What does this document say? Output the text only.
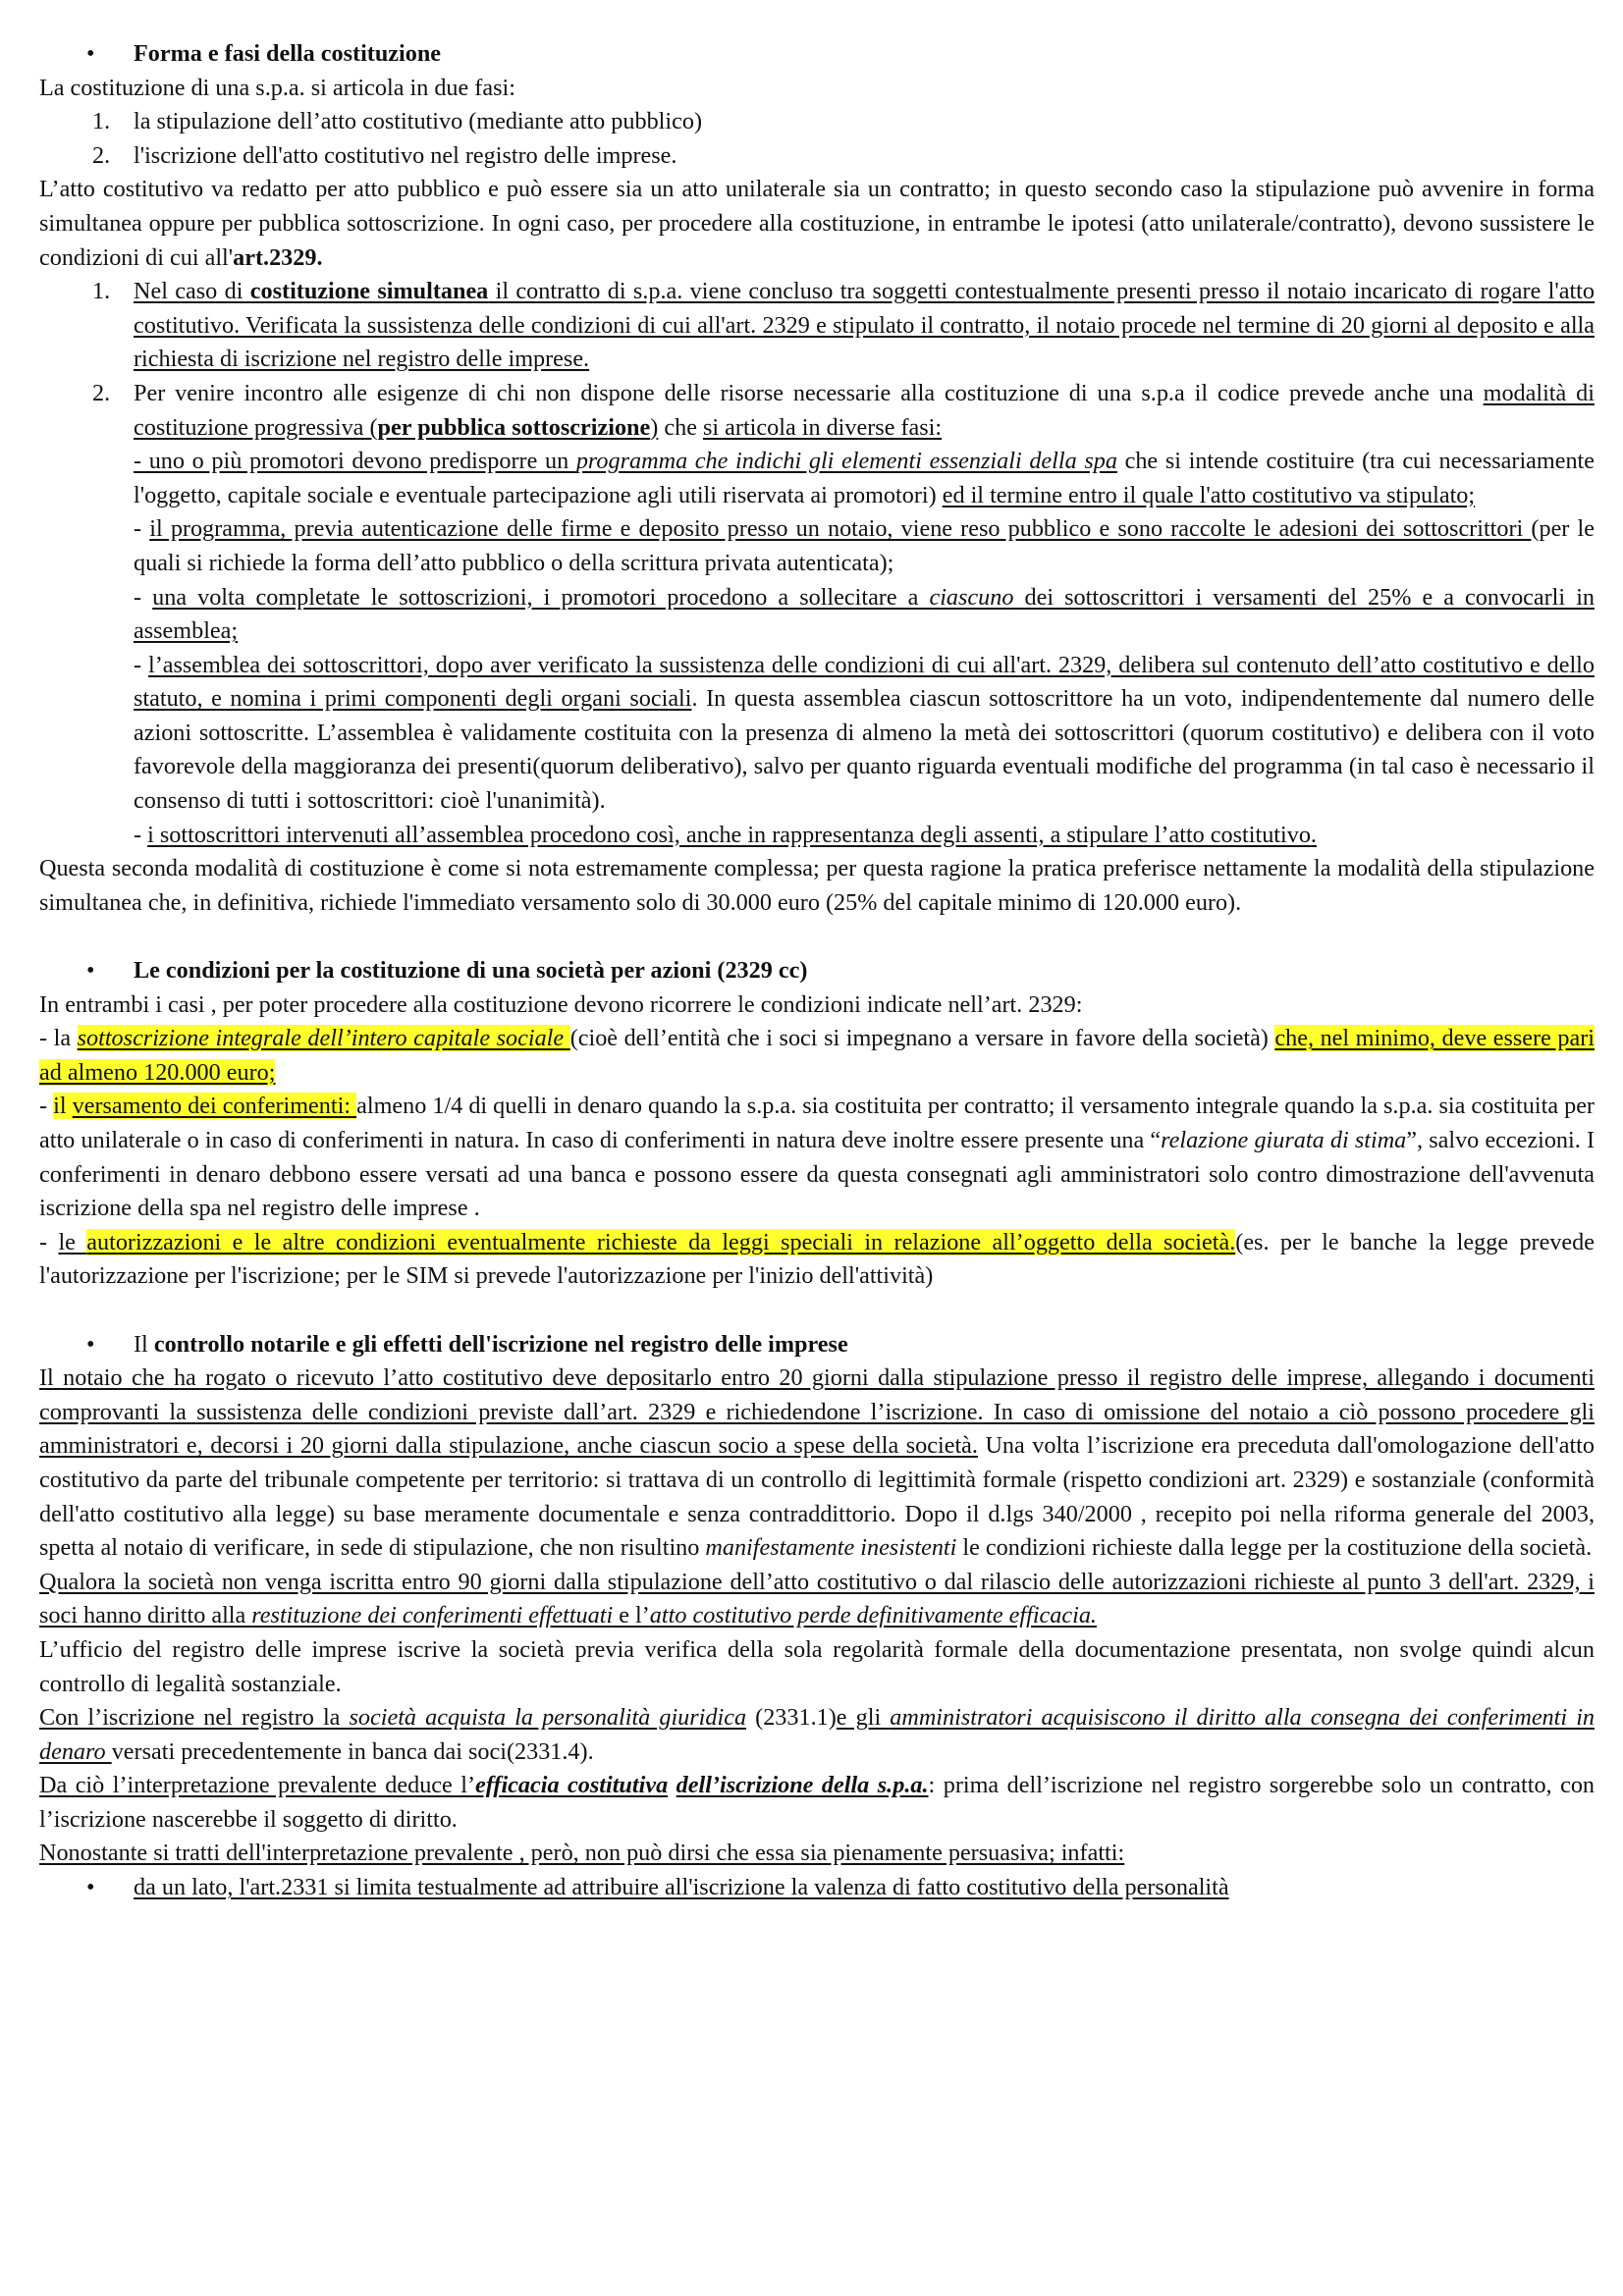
•	Forma e fasi della costituzione

La costituzione di una s.p.a. si articola in due fasi:

1. la stipulazione dell’atto costitutivo (mediante atto pubblico)
2. l'iscrizione dell'atto costitutivo nel registro delle imprese.

L’atto costitutivo va redatto per atto pubblico e può essere sia un atto unilaterale sia un contratto; in questo secondo caso la stipulazione può avvenire in forma simultanea oppure per pubblica sottoscrizione. In ogni caso, per procedere alla costituzione, in entrambe le ipotesi (atto unilaterale/contratto), devono sussistere le condizioni di cui all'art.2329.

1. Nel caso di costituzione simultanea il contratto di s.p.a. viene concluso tra soggetti contestualmente presenti presso il notaio incaricato di rogare l'atto costitutivo. Verificata la sussistenza delle condizioni di cui all'art. 2329 e stipulato il contratto, il notaio procede nel termine di 20 giorni al deposito e alla richiesta di iscrizione nel registro delle imprese.
2. Per venire incontro alle esigenze di chi non dispone delle risorse necessarie alla costituzione di una s.p.a il codice prevede anche una modalità di costituzione progressiva (per pubblica sottoscrizione) che si articola in diverse fasi:

- uno o più promotori devono predisporre un programma che indichi gli elementi essenziali della spa che si intende costituire (tra cui necessariamente l'oggetto, capitale sociale e eventuale partecipazione agli utili riservata ai promotori) ed il termine entro il quale l'atto costitutivo va stipulato;

- il programma, previa autenticazione delle firme e deposito presso un notaio, viene reso pubblico e sono raccolte le adesioni dei sottoscrittori (per le quali si richiede la forma dell’atto pubblico o della scrittura privata autenticata);

- una volta completate le sottoscrizioni, i promotori procedono a sollecitare a ciascuno dei sottoscrittori i versamenti del 25% e a convocarli in assemblea;

- l’assemblea dei sottoscrittori, dopo aver verificato la sussistenza delle condizioni di cui all'art. 2329, delibera sul contenuto dell’atto costitutivo e dello statuto, e nomina i primi componenti degli organi sociali. In questa assemblea ciascun sottoscrittore ha un voto, indipendentemente dal numero delle azioni sottoscritte. L’assemblea è validamente costituita con la presenza di almeno la metà dei sottoscrittori (quorum costitutivo) e delibera con il voto favorevole della maggioranza dei presenti(quorum deliberativo), salvo per quanto riguarda eventuali modifiche del programma (in tal caso è necessario il consenso di tutti i sottoscrittori: cioè l'unanimità).

- i sottoscrittori intervenuti all’assemblea procedono così, anche in rappresentanza degli assenti, a stipulare l’atto costitutivo.

Questa seconda modalità di costituzione è come si nota estremamente complessa; per questa ragione la pratica preferisce nettamente la modalità della stipulazione simultanea che, in definitiva, richiede l'immediato versamento solo di 30.000 euro (25% del capitale minimo di 120.000 euro).

•	Le condizioni per la costituzione di una società per azioni (2329 cc)

In entrambi i casi , per poter procedere alla costituzione devono ricorrere le condizioni indicate nell’art. 2329:

- la sottoscrizione integrale dell’intero capitale sociale (cioè dell’entità che i soci si impegnano a versare in favore della società) che, nel minimo, deve essere pari ad almeno 120.000 euro;

- il versamento dei conferimenti: almeno 1/4 di quelli in denaro quando la s.p.a. sia costituita per contratto; il versamento integrale quando la s.p.a. sia costituita per atto unilaterale o in caso di conferimenti in natura. In caso di conferimenti in natura deve inoltre essere presente una “relazione giurata di stima”, salvo eccezioni. I conferimenti in denaro debbono essere versati ad una banca e possono essere da questa consegnati agli amministratori solo contro dimostrazione dell'avvenuta iscrizione della spa nel registro delle imprese .

- le autorizzazioni e le altre condizioni eventualmente richieste da leggi speciali in relazione all’oggetto della società.(es. per le banche la legge prevede l'autorizzazione per l'iscrizione; per le SIM si prevede l'autorizzazione per l'inizio dell'attività)

•	Il controllo notarile e gli effetti dell'iscrizione nel registro delle imprese

Il notaio che ha rogato o ricevuto l’atto costitutivo deve depositarlo entro 20 giorni dalla stipulazione presso il registro delle imprese, allegando i documenti comprovanti la sussistenza delle condizioni previste dall’art. 2329 e richiedendone l’iscrizione. In caso di omissione del notaio a ciò possono procedere gli amministratori e, decorsi i 20 giorni dalla stipulazione, anche ciascun socio a spese della società. Una volta l’iscrizione era preceduta dall'omologazione dell'atto costitutivo da parte del tribunale competente per territorio: si trattava di un controllo di legittimità formale (rispetto condizioni art. 2329) e sostanziale (conformità dell'atto costitutivo alla legge) su base meramente documentale e senza contraddittorio. Dopo il d.lgs 340/2000 , recepito poi nella riforma generale del 2003, spetta al notaio di verificare, in sede di stipulazione, che non risultino manifestamente inesistenti le condizioni richieste dalla legge per la costituzione della società.

Qualora la società non venga iscritta entro 90 giorni dalla stipulazione dell’atto costitutivo o dal rilascio delle autorizzazioni richieste al punto 3 dell'art. 2329, i soci hanno diritto alla restituzione dei conferimenti effettuati e l’atto costitutivo perde definitivamente efficacia.

L’ufficio del registro delle imprese iscrive la società previa verifica della sola regolarità formale della documentazione presentata, non svolge quindi alcun controllo di legalità sostanziale.

Con l’iscrizione nel registro la società acquista la personalità giuridica (2331.1)e gli amministratori acquisiscono il diritto alla consegna dei conferimenti in denaro versati precedentemente in banca dai soci(2331.4).

Da ciò l’interpretazione prevalente deduce l’efficacia costitutiva dell’iscrizione della s.p.a.: prima dell’iscrizione nel registro sorgerebbe solo un contratto, con l’iscrizione nascerebbe il soggetto di diritto.

Nonostante si tratti dell'interpretazione prevalente , però, non può dirsi che essa sia pienamente persuasiva; infatti:

•	da un lato, l'art.2331 si limita testualmente ad attribuire all'iscrizione la valenza di fatto costitutivo della personalità
